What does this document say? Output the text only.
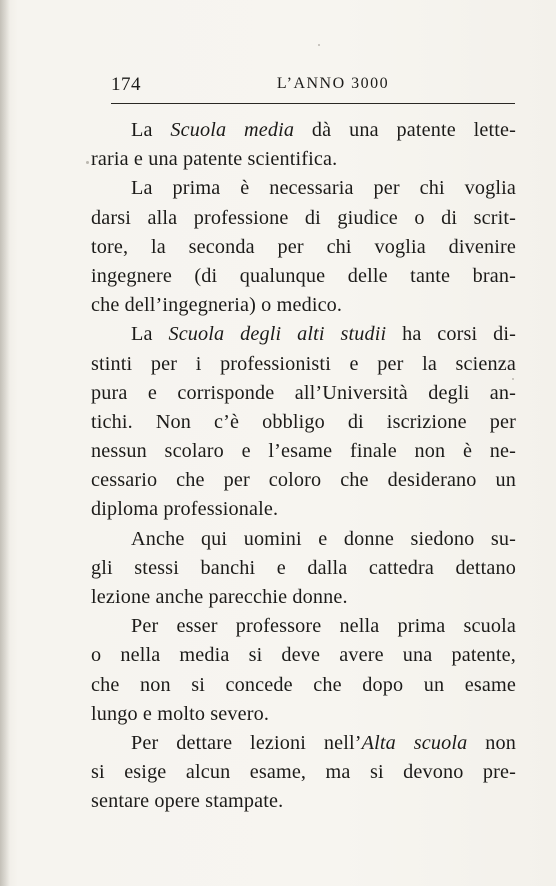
174	L’ANNO 3000
La Scuola media dà una patente lette-
raria e una patente scientifica.
La prima è necessaria per chi voglia
darsi alla professione di giudice o di scrit-
tore, la seconda per chi voglia divenire
ingegnere (di qualunque delle tante bran-
che dell’ingegneria) o medico.
La Scuola degli alti studii ha corsi di-
stinti per i professionisti e per la scienza
pura e corrisponde all’Università degli an-
tichi. Non c’è obbligo di iscrizione per
nessun scolaro e l’esame finale non è ne-
cessario che per coloro che desiderano un
diploma professionale.
Anche qui uomini e donne siedono su-
gli stessi banchi e dalla cattedra dettano
lezione anche parecchie donne.
Per esser professore nella prima scuola
o nella media si deve avere una patente,
che non si concede che dopo un esame
lungo e molto severo.
Per dettare lezioni nell’Alta scuola non
si esige alcun esame, ma si devono pre-
sentare opere stampate.
